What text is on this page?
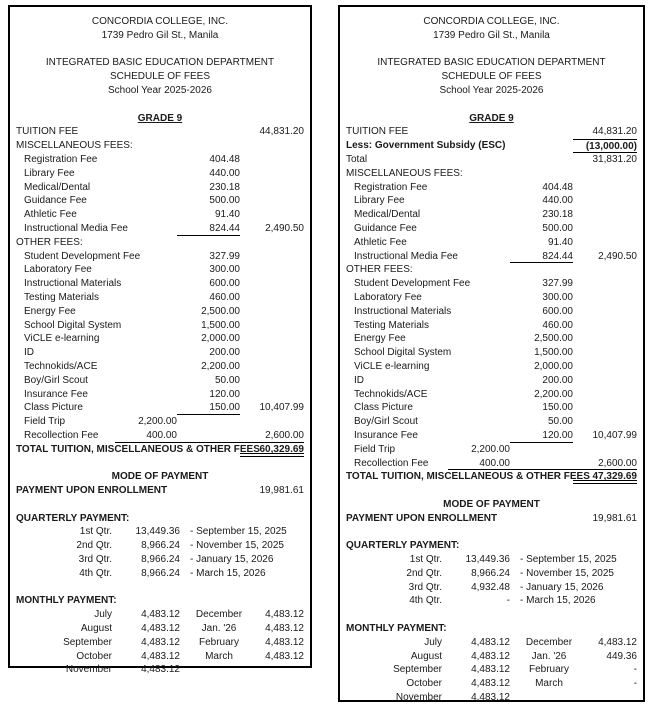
CONCORDIA COLLEGE, INC.
1739 Pedro Gil St., Manila
INTEGRATED BASIC EDUCATION DEPARTMENT
SCHEDULE OF FEES
School Year 2025-2026
GRADE 9
TUITION FEE	44,831.20
MISCELLANEOUS FEES:
Registration Fee	404.48
Library Fee	440.00
Medical/Dental	230.18
Guidance Fee	500.00
Athletic Fee	91.40
Instructional Media Fee	824.44	2,490.50
OTHER FEES:
Student Development Fee	327.99
Laboratory Fee	300.00
Instructional Materials	600.00
Testing Materials	460.00
Energy Fee	2,500.00
School Digital System	1,500.00
ViCLE e-learning	2,000.00
ID	200.00
Technokids/ACE	2,200.00
Boy/Girl Scout	50.00
Insurance Fee	120.00
Class Picture	150.00	10,407.99
Field Trip	2,200.00
Recollection Fee	400.00	2,600.00
TOTAL TUITION, MISCELLANEOUS & OTHER FEES 60,329.69
MODE OF PAYMENT
PAYMENT UPON ENROLLMENT	19,981.61
QUARTERLY PAYMENT:
1st Qtr.	13,449.36	- September 15, 2025
2nd Qtr.	8,966.24	- November 15, 2025
3rd Qtr.	8,966.24	- January 15, 2026
4th Qtr.	8,966.24	- March 15, 2026
MONTHLY PAYMENT:
July	4,483.12	December	4,483.12
August	4,483.12	Jan. '26	4,483.12
September	4,483.12	February	4,483.12
October	4,483.12	March	4,483.12
November	4,483.12
CONCORDIA COLLEGE, INC.
1739 Pedro Gil St., Manila
INTEGRATED BASIC EDUCATION DEPARTMENT
SCHEDULE OF FEES
School Year 2025-2026
GRADE 9
TUITION FEE	44,831.20
Less: Government Subsidy (ESC)	(13,000.00)
Total	31,831.20
MISCELLANEOUS FEES:
Registration Fee	404.48
Library Fee	440.00
Medical/Dental	230.18
Guidance Fee	500.00
Athletic Fee	91.40
Instructional Media Fee	824.44	2,490.50
OTHER FEES:
Student Development Fee	327.99
Laboratory Fee	300.00
Instructional Materials	600.00
Testing Materials	460.00
Energy Fee	2,500.00
School Digital System	1,500.00
ViCLE e-learning	2,000.00
ID	200.00
Technokids/ACE	2,200.00
Class Picture	150.00
Boy/Girl Scout	50.00
Insurance Fee	120.00	10,407.99
Field Trip	2,200.00
Recollection Fee	400.00	2,600.00
TOTAL TUITION, MISCELLANEOUS & OTHER FEES 47,329.69
MODE OF PAYMENT
PAYMENT UPON ENROLLMENT	19,981.61
QUARTERLY PAYMENT:
1st Qtr.	13,449.36	- September 15, 2025
2nd Qtr.	8,966.24	- November 15, 2025
3rd Qtr.	4,932.48	- January 15, 2026
4th Qtr.	-	- March 15, 2026
MONTHLY PAYMENT:
July	4,483.12	December	4,483.12
August	4,483.12	Jan. '26	449.36
September	4,483.12	February	-
October	4,483.12	March	-
November	4,483.12
